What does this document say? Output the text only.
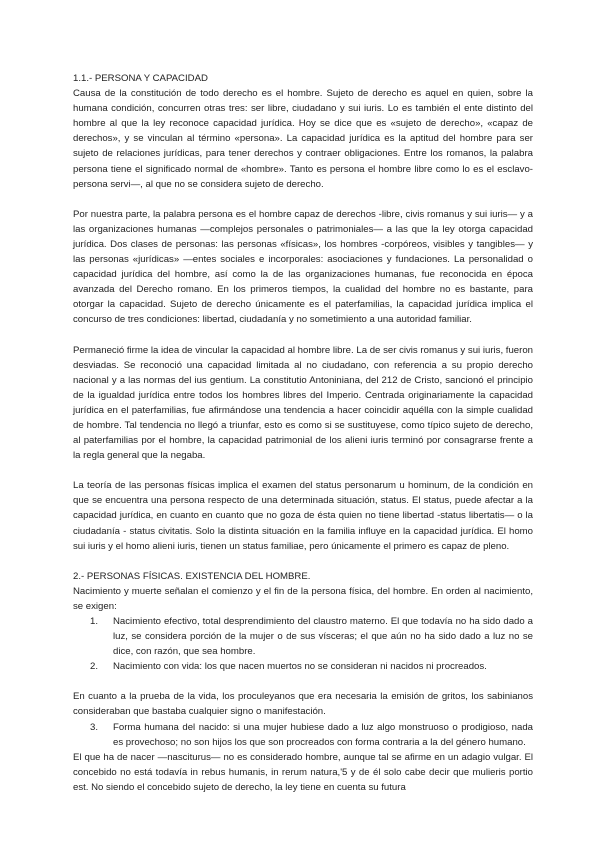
1.1.- PERSONA Y CAPACIDAD

Causa de la constitución de todo derecho es el hombre. Sujeto de derecho es aquel en quien, sobre la humana condición, concurren otras tres: ser libre, ciudadano y sui iuris. Lo es también el ente distinto del hombre al que la ley reconoce capacidad jurídica. Hoy se dice que es «sujeto de derecho», «capaz de derechos», y se vinculan al término «persona». La capacidad jurídica es la aptitud del hombre para ser sujeto de relaciones jurídicas, para tener derechos y contraer obligaciones. Entre los romanos, la palabra persona tiene el significado normal de «hombre». Tanto es persona el hombre libre como lo es el esclavo-persona servi—, al que no se considera sujeto de derecho.

Por nuestra parte, la palabra persona es el hombre capaz de derechos -libre, civis romanus y sui iuris— y a las organizaciones humanas —complejos personales o patrimoniales— a las que la ley otorga capacidad jurídica. Dos clases de personas: las personas «físicas», los hombres -corpóreos, visibles y tangibles— y las personas «jurídicas» —entes sociales e incorporales: asociaciones y fundaciones. La personalidad o capacidad jurídica del hombre, así como la de las organizaciones humanas, fue reconocida en época avanzada del Derecho romano. En los primeros tiempos, la cualidad del hombre no es bastante, para otorgar la capacidad. Sujeto de derecho únicamente es el paterfamilias, la capacidad jurídica implica el concurso de tres condiciones: libertad, ciudadanía y no sometimiento a una autoridad familiar.

Permaneció firme la idea de vincular la capacidad al hombre libre. La de ser civis romanus y sui iuris, fueron desviadas. Se reconoció una capacidad limitada al no ciudadano, con referencia a su propio derecho nacional y a las normas del ius gentium. La constitutio Antoniniana, del 212 de Cristo, sancionó el principio de la igualdad jurídica entre todos los hombres libres del Imperio. Centrada originariamente la capacidad jurídica en el paterfamilias, fue afirmándose una tendencia a hacer coincidir aquélla con la simple cualidad de hombre. Tal tendencia no llegó a triunfar, esto es como si se sustituyese, como típico sujeto de derecho, al paterfamilias por el hombre, la capacidad patrimonial de los alieni iuris terminó por consagrarse frente a la regla general que la negaba.

La teoría de las personas físicas implica el examen del status personarum u hominum, de la condición en que se encuentra una persona respecto de una determinada situación, status. El status, puede afectar a la capacidad jurídica, en cuanto en cuanto que no goza de ésta quien no tiene libertad -status libertatis— o la ciudadanía - status civitatis. Solo la distinta situación en la familia influye en la capacidad jurídica. El homo sui iuris y el homo alieni iuris, tienen un status familiae, pero únicamente el primero es capaz de pleno.

2.- PERSONAS FÍSICAS. EXISTENCIA DEL HOMBRE.

Nacimiento y muerte señalan el comienzo y el fin de la persona física, del hombre. En orden al nacimiento, se exigen:

1. Nacimiento efectivo, total desprendimiento del claustro materno. El que todavía no ha sido dado a luz, se considera porción de la mujer o de sus vísceras; el que aún no ha sido dado a luz no se dice, con razón, que sea hombre.
2. Nacimiento con vida: los que nacen muertos no se consideran ni nacidos ni procreados.

En cuanto a la prueba de la vida, los proculeyanos que era necesaria la emisión de gritos, los sabinianos consideraban que bastaba cualquier signo o manifestación.

3. Forma humana del nacido: si una mujer hubiese dado a luz algo monstruoso o prodigioso, nada es provechoso; no son hijos los que son procreados con forma contraria a la del género humano.

El que ha de nacer —nasciturus— no es considerado hombre, aunque tal se afirme en un adagio vulgar. El concebido no está todavía in rebus humanis, in rerum natura,'5 y de él solo cabe decir que mulieris portio est. No siendo el concebido sujeto de derecho, la ley tiene en cuenta su futura
